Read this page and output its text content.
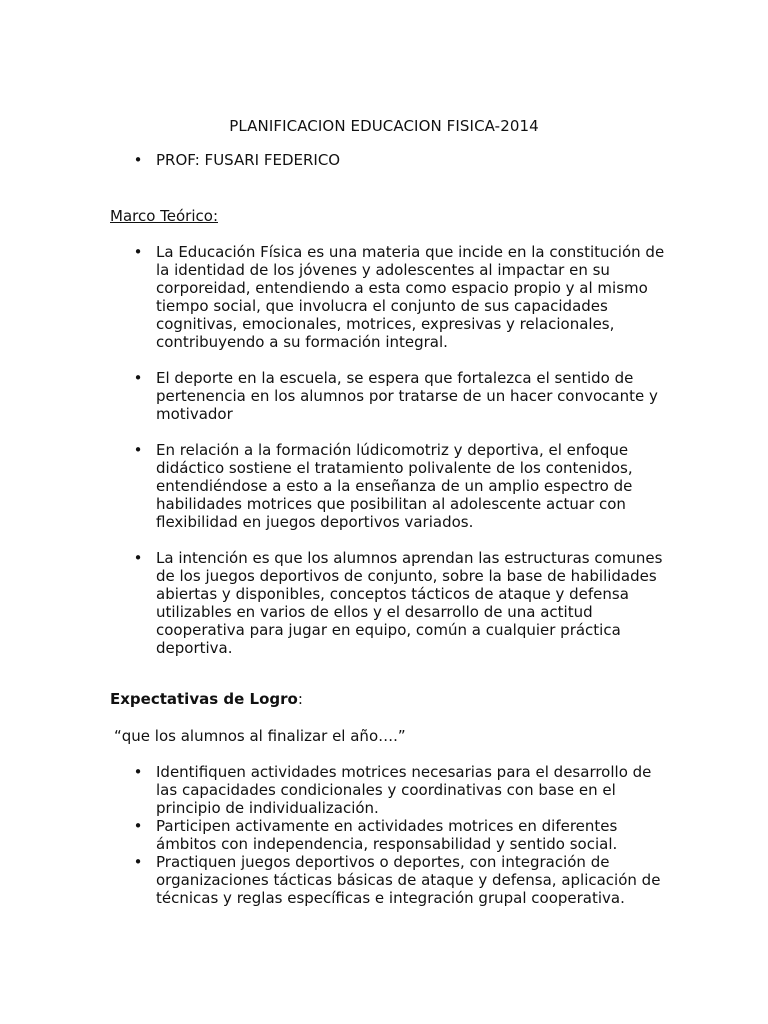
PLANIFICACION EDUCACION FISICA-2014
• PROF: FUSARI FEDERICO
Marco Teórico:
• La Educación Física es una materia que incide en la constitución de la identidad de los jóvenes y adolescentes al impactar en su corporeidad, entendiendo a esta como espacio propio y al mismo tiempo social, que involucra el conjunto de sus capacidades cognitivas, emocionales, motrices, expresivas y relacionales, contribuyendo a su formación integral.
• El deporte en la escuela, se espera que fortalezca el sentido de pertenencia en los alumnos por tratarse de un hacer convocante y motivador
• En relación a la formación lúdicomotriz y deportiva, el enfoque didáctico sostiene el tratamiento polivalente de los contenidos, entendiéndose a esto a la enseñanza de un amplio espectro de habilidades motrices que posibilitan al adolescente actuar con flexibilidad en juegos deportivos variados.
• La intención es que los alumnos aprendan las estructuras comunes de los juegos deportivos de conjunto, sobre la base de habilidades abiertas y disponibles, conceptos tácticos de ataque y defensa utilizables en varios de ellos y el desarrollo de una actitud cooperativa para jugar en equipo, común a cualquier práctica deportiva.
Expectativas de Logro:

“que los alumnos al finalizar el año….”

• Identifiquen actividades motrices necesarias para el desarrollo de las capacidades condicionales y coordinativas con base en el principio de individualización.
• Participen activamente en actividades motrices en diferentes ámbitos con independencia, responsabilidad y sentido social.
• Practiquen juegos deportivos o deportes, con integración de organizaciones tácticas básicas de ataque y defensa, aplicación de técnicas y reglas específicas e integración grupal cooperativa.
